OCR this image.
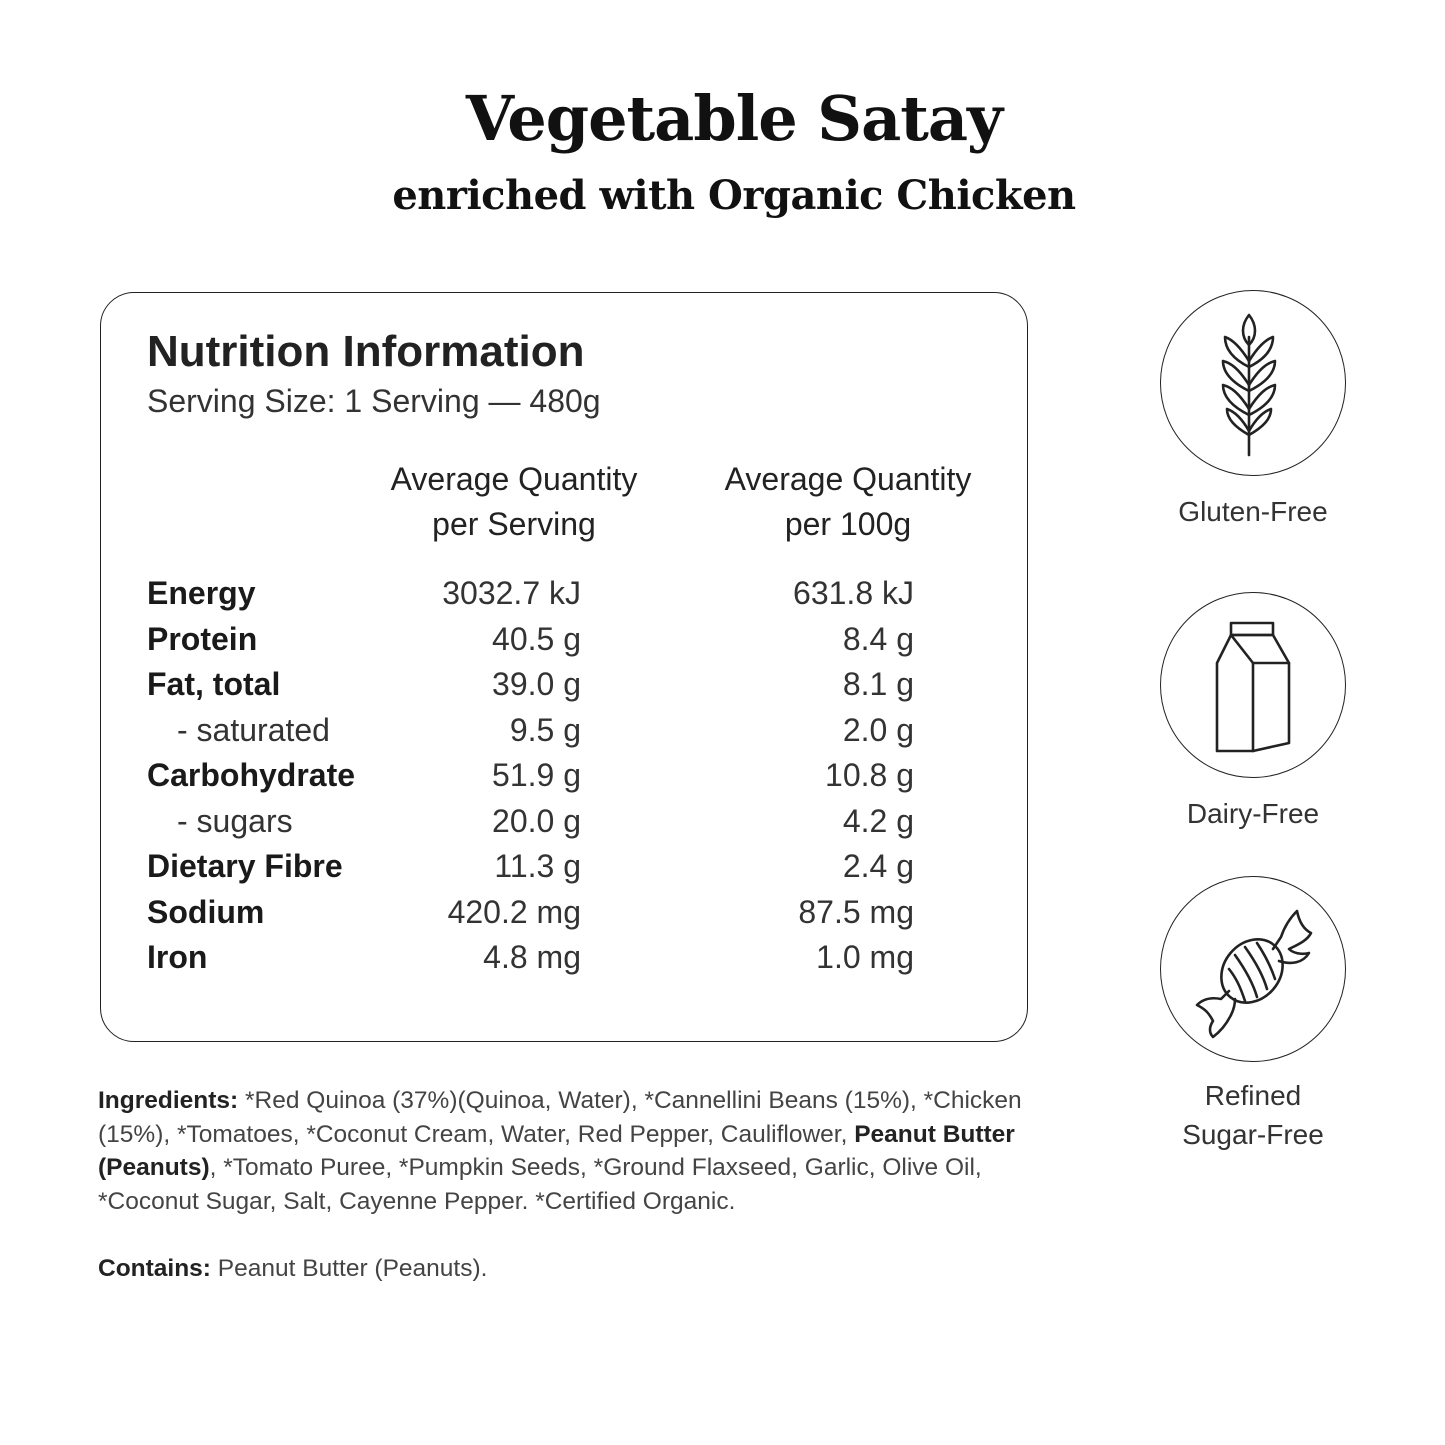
Vegetable Satay
enriched with Organic Chicken
Nutrition Information
Serving Size: 1 Serving — 480g
Average Quantity
per Serving
Average Quantity
per 100g
Energy	3032.7 kJ	631.8 kJ
Protein	40.5 g	8.4 g
Fat, total	39.0 g	8.1 g
- saturated	9.5 g	2.0 g
Carbohydrate	51.9 g	10.8 g
- sugars	20.0 g	4.2 g
Dietary Fibre	11.3 g	2.4 g
Sodium	420.2 mg	87.5 mg
Iron	4.8 mg	1.0 mg
Gluten-Free
Dairy-Free
Refined
Sugar-Free

Ingredients: *Red Quinoa (37%)(Quinoa, Water), *Cannellini Beans (15%), *Chicken (15%), *Tomatoes, *Coconut Cream, Water, Red Pepper, Cauliflower, Peanut Butter (Peanuts), *Tomato Puree, *Pumpkin Seeds, *Ground Flaxseed, Garlic, Olive Oil, *Coconut Sugar, Salt, Cayenne Pepper. *Certified Organic.

Contains: Peanut Butter (Peanuts).
